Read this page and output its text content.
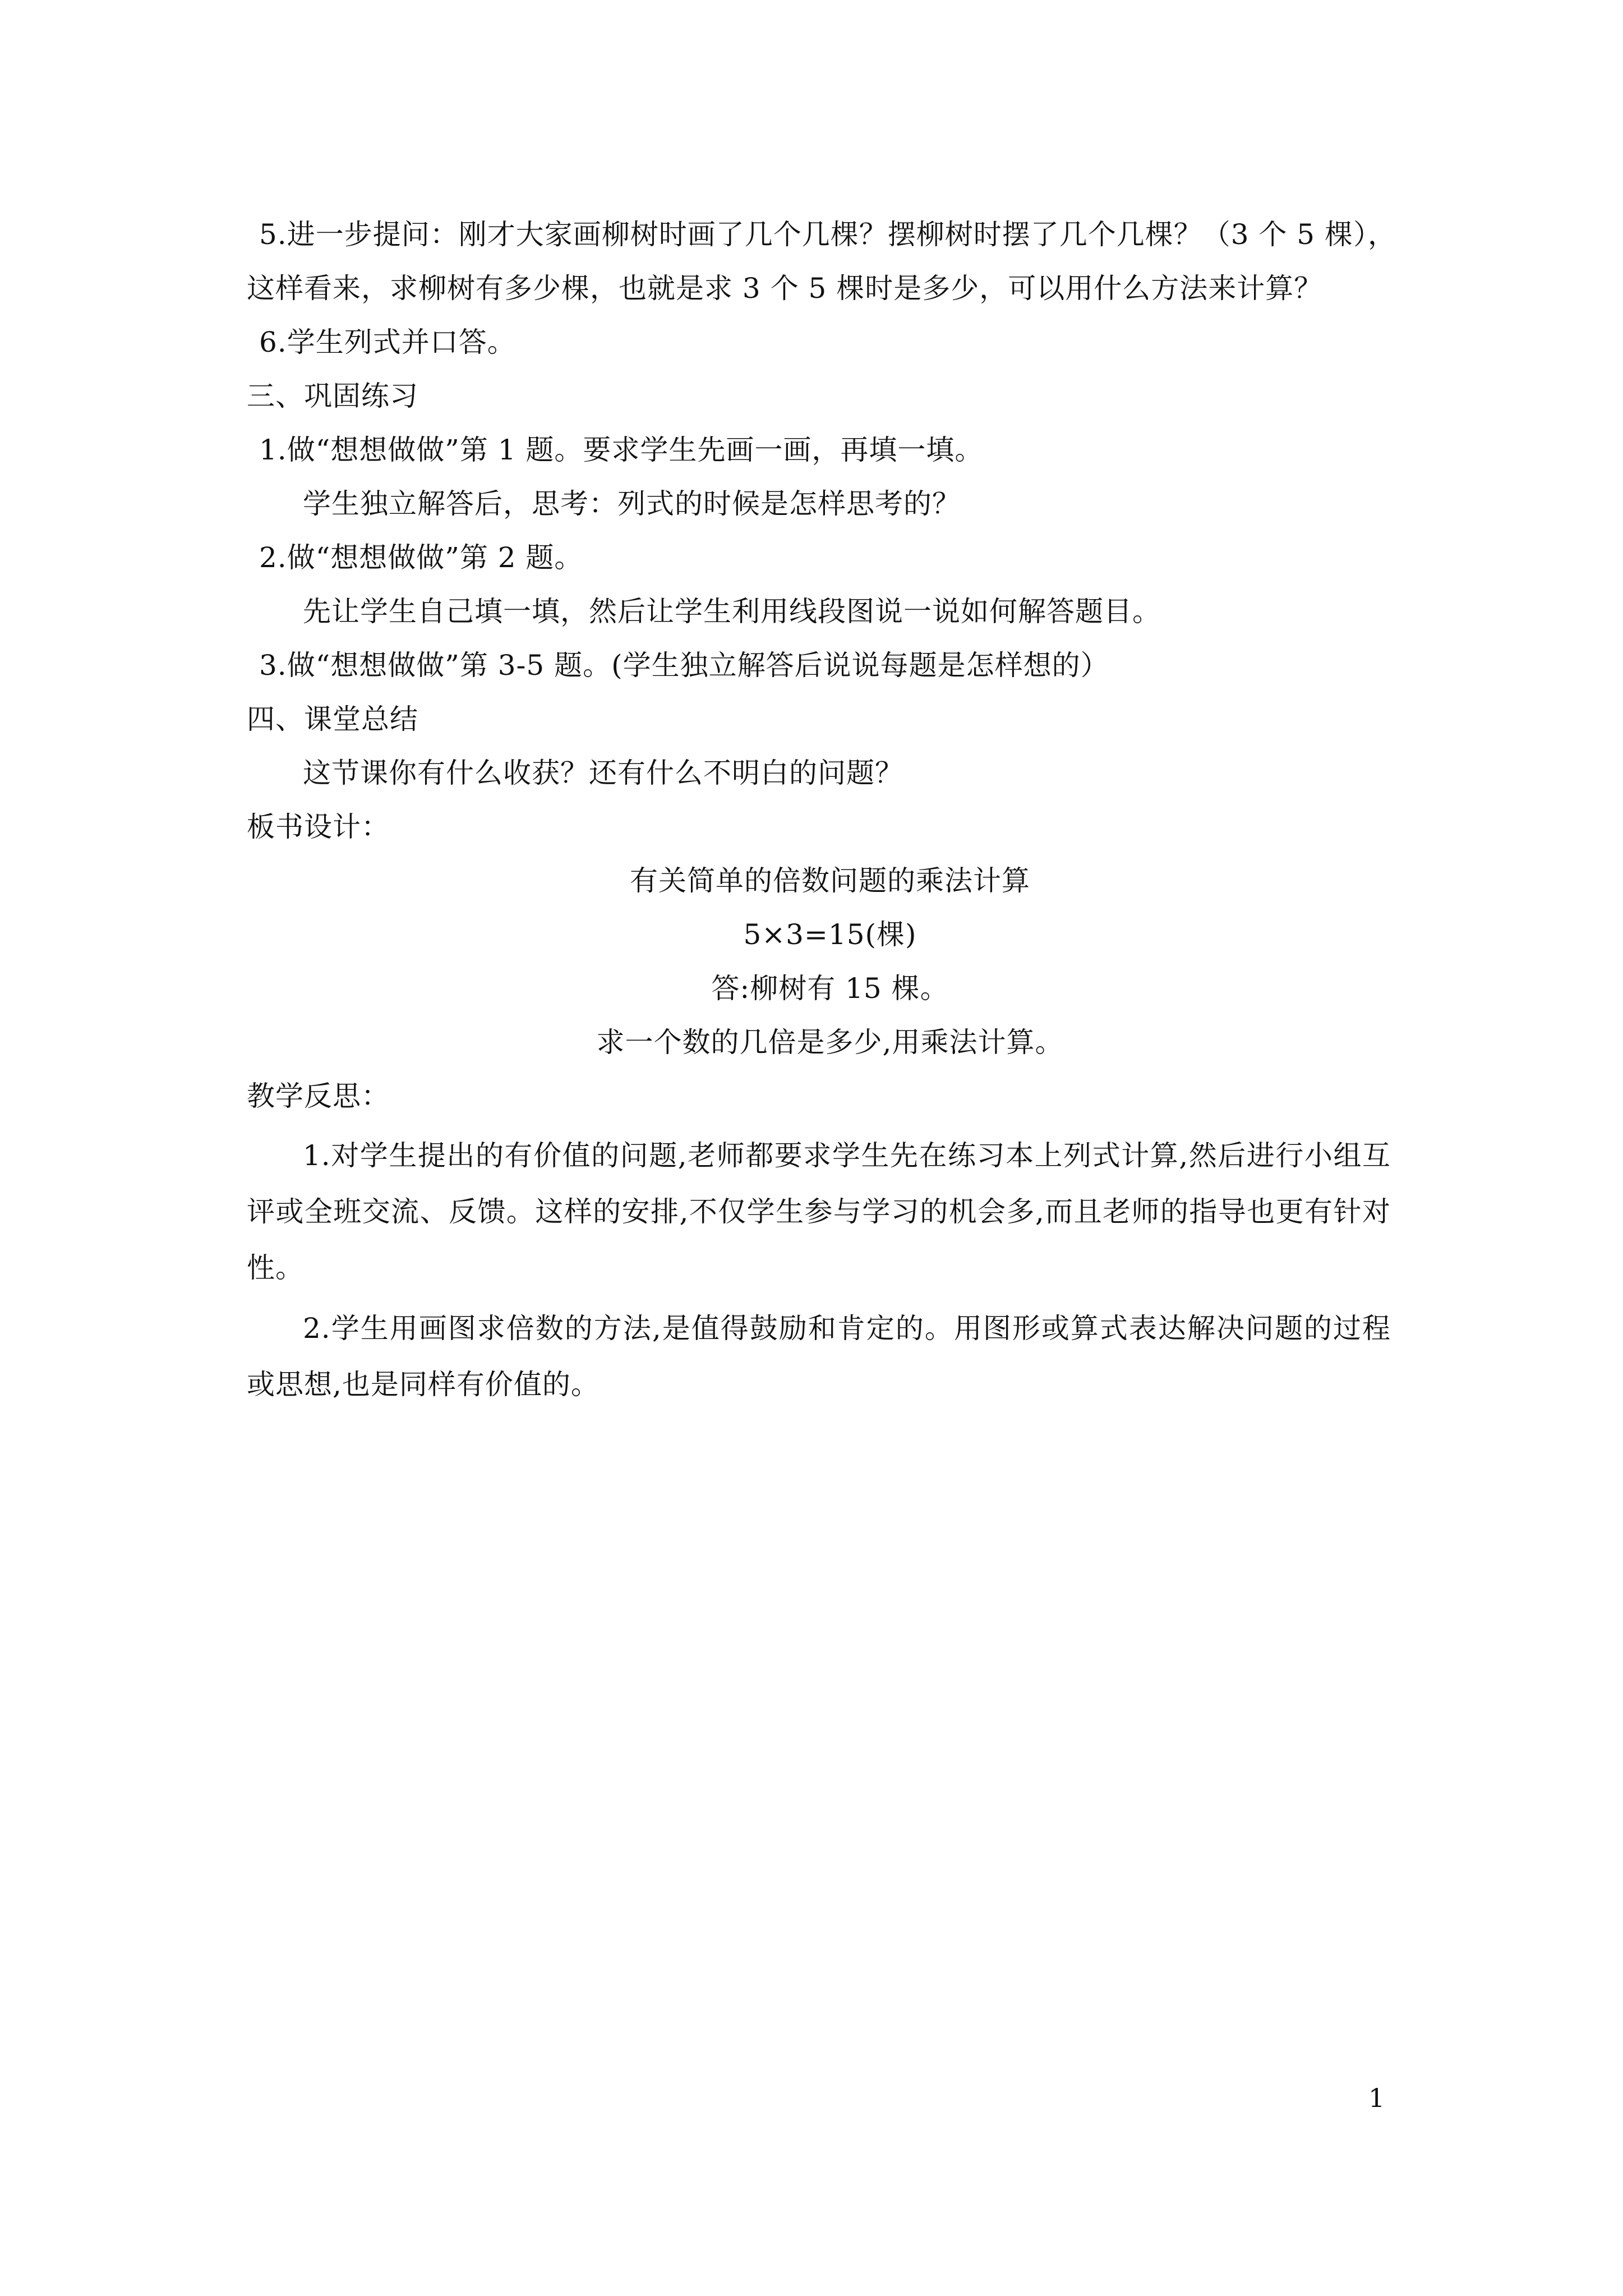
5.进一步提问：刚才大家画柳树时画了几个几棵？摆柳树时摆了几个几棵？（3 个 5 棵），
这样看来，求柳树有多少棵，也就是求 3 个 5 棵时是多少，可以用什么方法来计算？
6.学生列式并口答。
三、巩固练习
1.做“想想做做”第 1 题。要求学生先画一画，再填一填。
学生独立解答后，思考：列式的时候是怎样思考的？
2.做“想想做做”第 2 题。
先让学生自己填一填，然后让学生利用线段图说一说如何解答题目。
3.做“想想做做”第 3-5 题。(学生独立解答后说说每题是怎样想的）
四、课堂总结
这节课你有什么收获？还有什么不明白的问题？
板书设计：
有关简单的倍数问题的乘法计算
5×3=15(棵)
答:柳树有 15 棵。
求一个数的几倍是多少,用乘法计算。
教学反思：
1.对学生提出的有价值的问题,老师都要求学生先在练习本上列式计算,然后进行小组互评或全班交流、反馈。这样的安排,不仅学生参与学习的机会多,而且老师的指导也更有针对性。
2.学生用画图求倍数的方法,是值得鼓励和肯定的。用图形或算式表达解决问题的过程或思想,也是同样有价值的。
1
